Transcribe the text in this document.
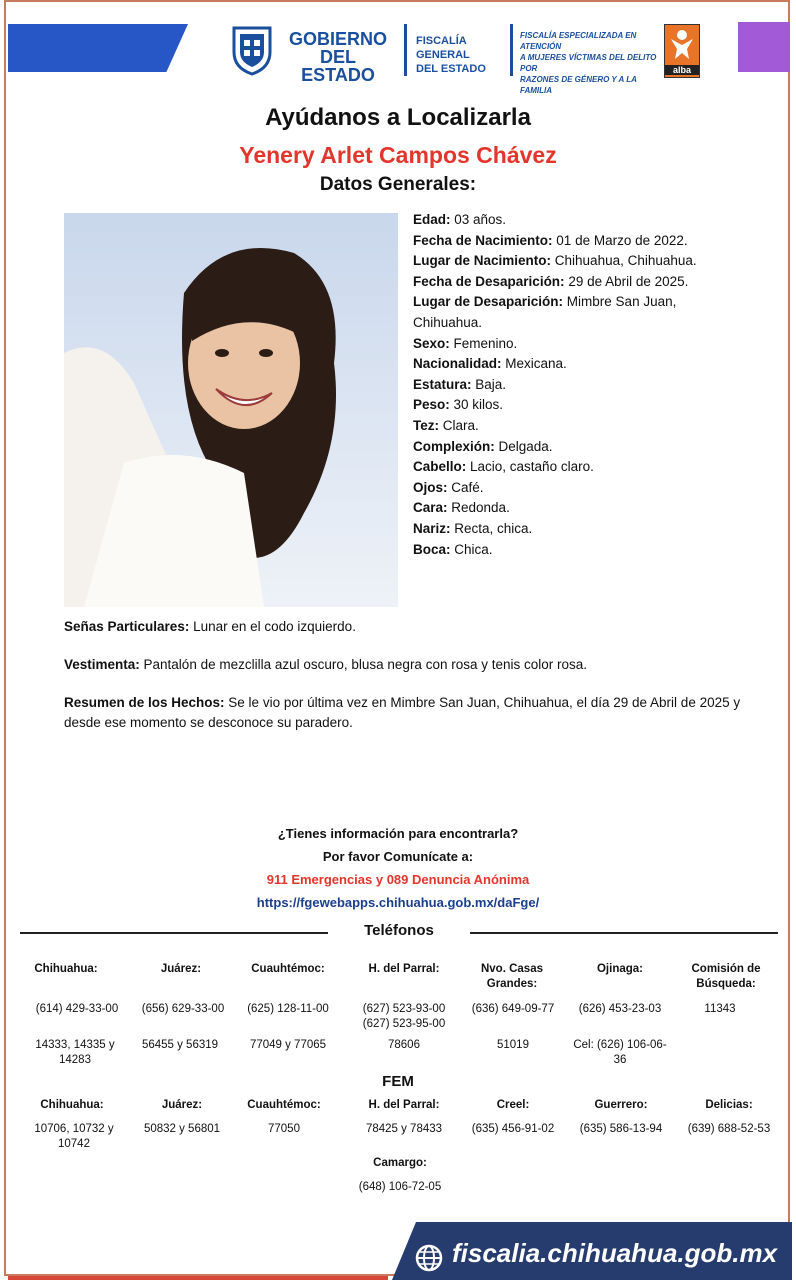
GOBIERNO
DEL ESTADO
FISCALÍA GENERAL
DEL ESTADO
FISCALÍA ESPECIALIZADA EN ATENCIÓN
A MUJERES VÍCTIMAS DEL DELITO POR
RAZONES DE GÉNERO Y A LA FAMILIA
alba
Ayúdanos a Localizarla
Yenery Arlet Campos Chávez
Datos Generales:
Edad: 03 años.
Fecha de Nacimiento: 01 de Marzo de 2022.
Lugar de Nacimiento: Chihuahua, Chihuahua.
Fecha de Desaparición: 29 de Abril de 2025.
Lugar de Desaparición: Mimbre San Juan, Chihuahua.
Sexo: Femenino.
Nacionalidad: Mexicana.
Estatura: Baja.
Peso: 30 kilos.
Tez: Clara.
Complexión: Delgada.
Cabello: Lacio, castaño claro.
Ojos: Café.
Cara: Redonda.
Nariz: Recta, chica.
Boca: Chica.
Señas Particulares: Lunar en el codo izquierdo.
Vestimenta: Pantalón de mezclilla azul oscuro, blusa negra con rosa y tenis color rosa.
Resumen de los Hechos: Se le vio por última vez en Mimbre San Juan, Chihuahua, el día 29 de Abril de 2025 y desde ese momento se desconoce su paradero.
¿Tienes información para encontrarla?
Por favor Comunícate a:
911 Emergencias y 089 Denuncia Anónima
https://fgewebapps.chihuahua.gob.mx/daFge/
Teléfonos
Chihuahua:
(614) 429-33-00
14333, 14335 y 14283
Juárez:
(656) 629-33-00
56455 y 56319
Cuauhtémoc:
(625) 128-11-00
77049 y 77065
H. del Parral:
(627) 523-93-00 (627) 523-95-00
78606
Nvo. Casas Grandes:
(636) 649-09-77
51019
Ojinaga:
(626) 453-23-03
Cel: (626) 106-06-36
Comisión de Búsqueda:
11343
FEM
Chihuahua:
10706, 10732 y 10742
Juárez:
50832 y 56801
Cuauhtémoc:
77050
H. del Parral:
78425 y 78433
Creel:
(635) 456-91-02
Guerrero:
(635) 586-13-94
Delicias:
(639) 688-52-53
Camargo:
(648) 106-72-05
fiscalia.chihuahua.gob.mx
